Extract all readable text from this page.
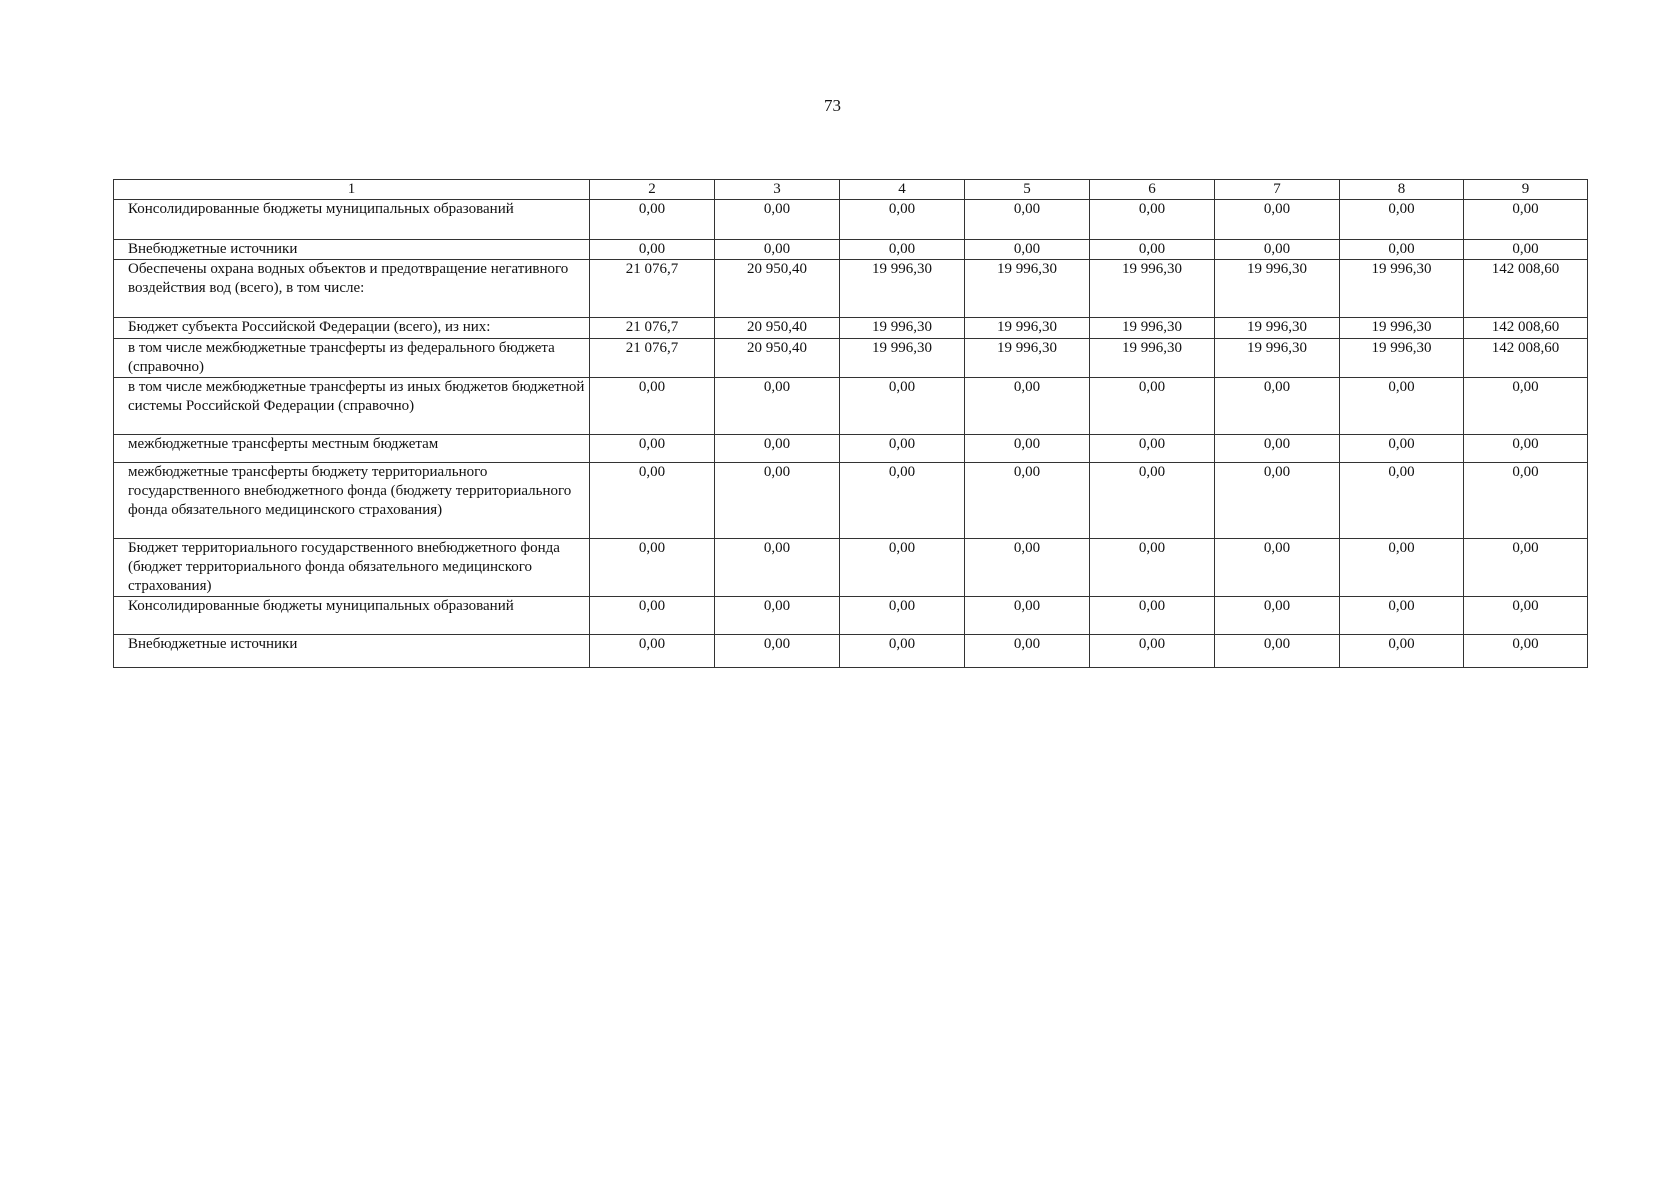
73
1	2	3	4	5	6	7	8	9
Консолидированные бюджеты муниципальных образований	0,00	0,00	0,00	0,00	0,00	0,00	0,00	0,00
Внебюджетные источники	0,00	0,00	0,00	0,00	0,00	0,00	0,00	0,00
Обеспечены охрана водных объектов и предотвращение негативного воздействия вод (всего), в том числе:	21 076,7	20 950,40	19 996,30	19 996,30	19 996,30	19 996,30	19 996,30	142 008,60
Бюджет субъекта Российской Федерации (всего), из них:	21 076,7	20 950,40	19 996,30	19 996,30	19 996,30	19 996,30	19 996,30	142 008,60
в том числе межбюджетные трансферты из федерального бюджета (справочно)	21 076,7	20 950,40	19 996,30	19 996,30	19 996,30	19 996,30	19 996,30	142 008,60
в том числе межбюджетные трансферты из иных бюджетов бюджетной системы Российской Федерации (справочно)	0,00	0,00	0,00	0,00	0,00	0,00	0,00	0,00
межбюджетные трансферты местным бюджетам	0,00	0,00	0,00	0,00	0,00	0,00	0,00	0,00
межбюджетные трансферты бюджету территориального государственного внебюджетного фонда (бюджету территориального фонда обязательного медицинского страхования)	0,00	0,00	0,00	0,00	0,00	0,00	0,00	0,00
Бюджет территориального государственного внебюджетного фонда (бюджет территориального фонда обязательного медицинского страхования)	0,00	0,00	0,00	0,00	0,00	0,00	0,00	0,00
Консолидированные бюджеты муниципальных образований	0,00	0,00	0,00	0,00	0,00	0,00	0,00	0,00
Внебюджетные источники	0,00	0,00	0,00	0,00	0,00	0,00	0,00	0,00
